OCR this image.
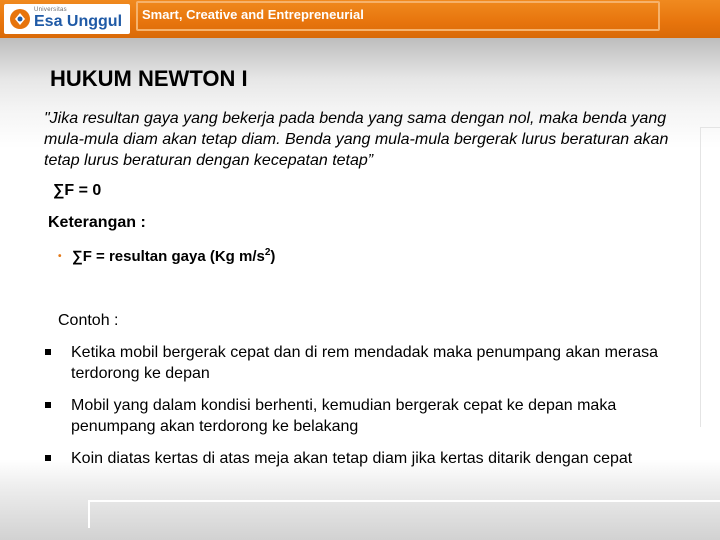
Universitas
Esa Unggul Smart, Creative and Entrepreneurial
HUKUM NEWTON I
"Jika resultan gaya yang bekerja pada benda yang sama dengan nol, maka benda yang mula-mula diam akan tetap diam. Benda yang mula-mula bergerak lurus beraturan akan tetap lurus beraturan dengan kecepatan tetap”
∑F = 0
Keterangan :
• ∑F = resultan gaya (Kg $m/s^2$)
Contoh :
Ketika mobil bergerak cepat dan di rem mendadak maka penumpang akan merasa terdorong ke depan
Mobil yang dalam kondisi berhenti, kemudian bergerak cepat ke depan maka penumpang akan terdorong ke belakang
Koin diatas kertas di atas meja akan tetap diam jika kertas ditarik dengan cepat
